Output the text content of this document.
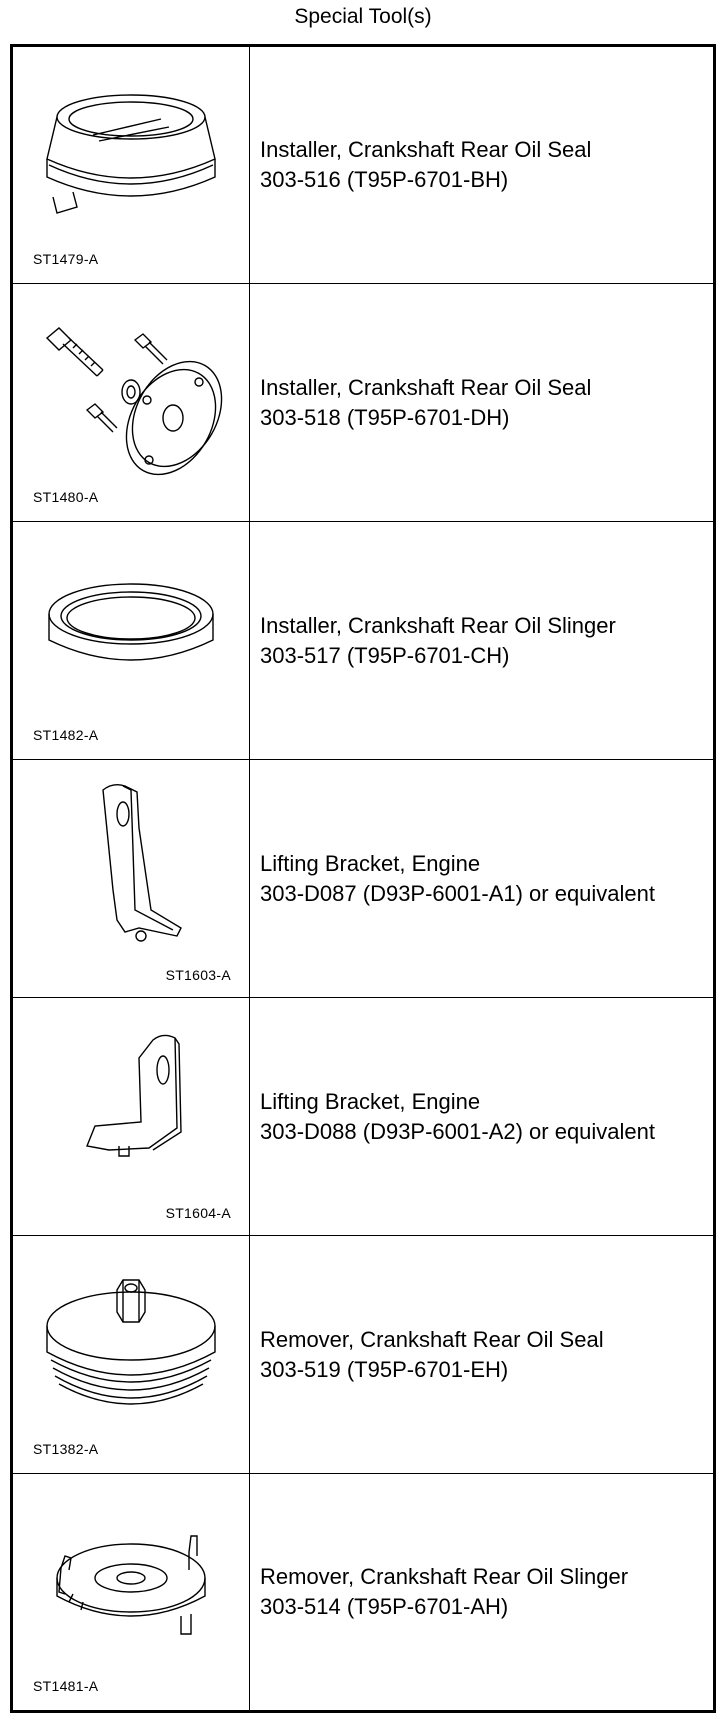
Special Tool(s)
ST1479-A	Installer, Crankshaft Rear Oil Seal
303-516 (T95P-6701-BH)

ST1480-A	Installer, Crankshaft Rear Oil Seal
303-518 (T95P-6701-DH)

ST1482-A	Installer, Crankshaft Rear Oil Slinger
303-517 (T95P-6701-CH)

ST1603-A	Lifting Bracket, Engine
303-D087 (D93P-6001-A1) or equivalent

ST1604-A	Lifting Bracket, Engine
303-D088 (D93P-6001-A2) or equivalent

ST1382-A	Remover, Crankshaft Rear Oil Seal
303-519 (T95P-6701-EH)

ST1481-A	Remover, Crankshaft Rear Oil Slinger
303-514 (T95P-6701-AH)
